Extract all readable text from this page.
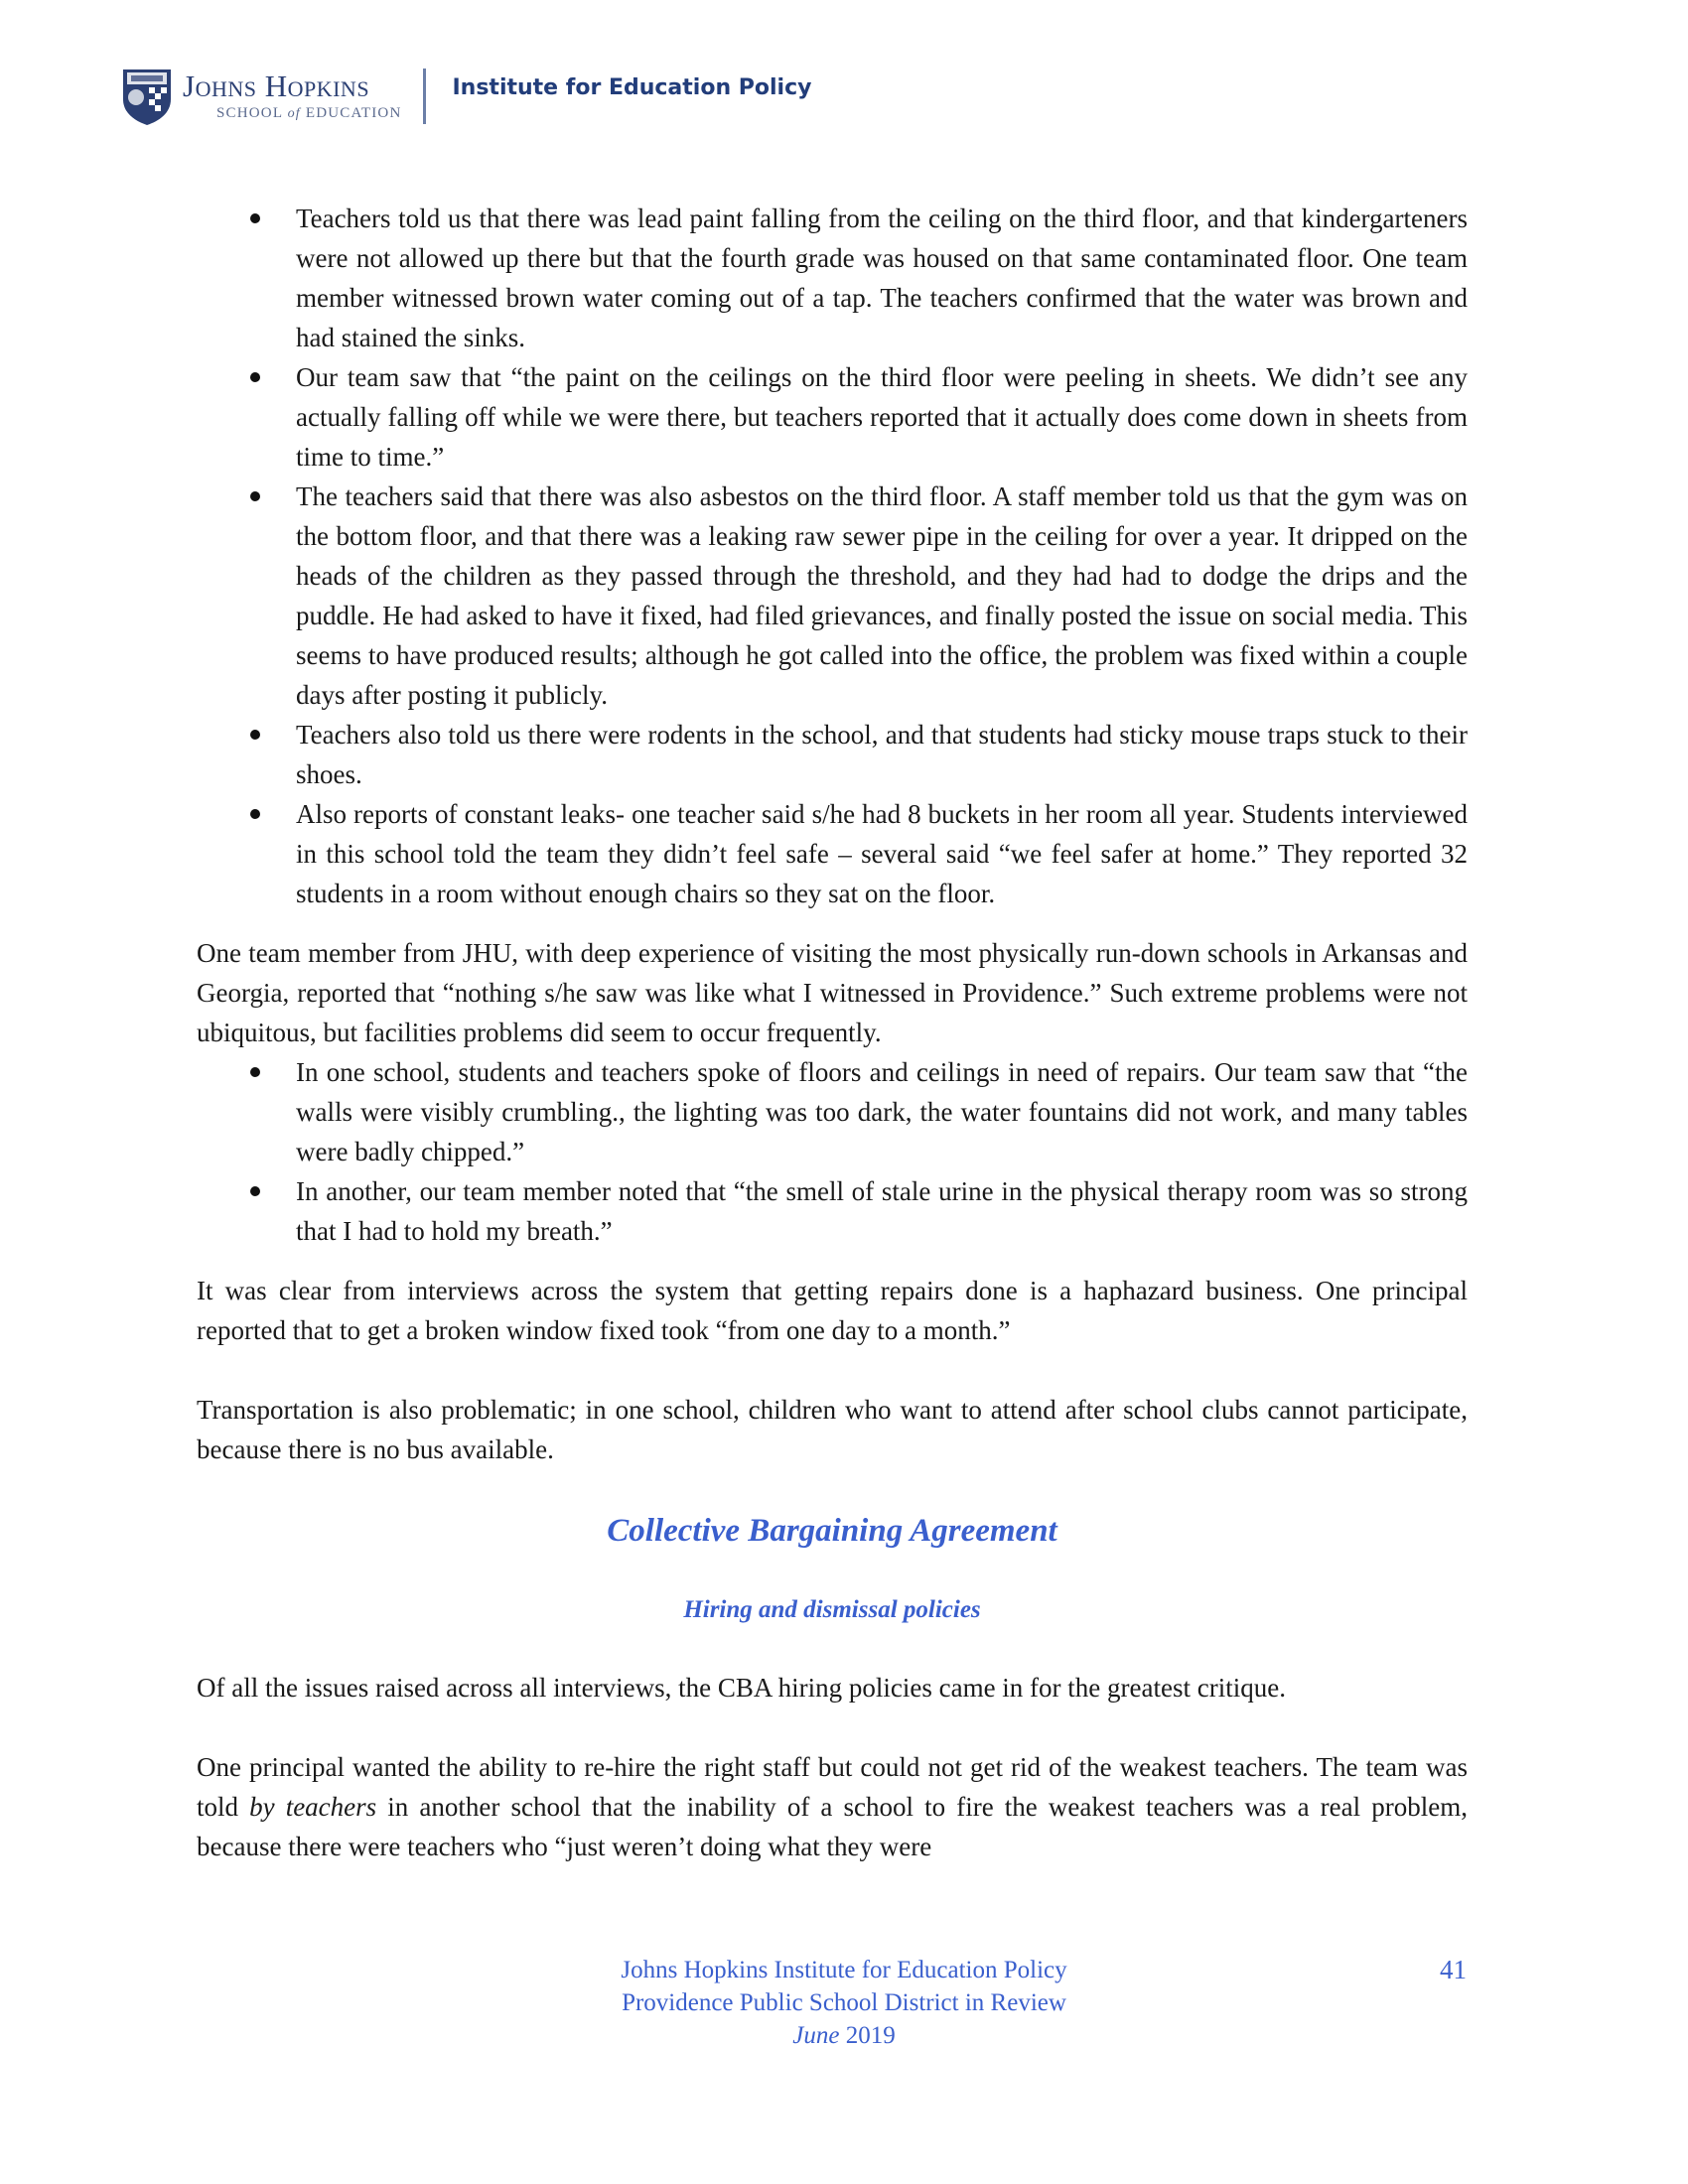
Johns Hopkins
SCHOOL of EDUCATION
Institute for Education Policy
Teachers told us that there was lead paint falling from the ceiling on the third floor, and that kindergarteners were not allowed up there but that the fourth grade was housed on that same contaminated floor. One team member witnessed brown water coming out of a tap. The teachers confirmed that the water was brown and had stained the sinks.
Our team saw that “the paint on the ceilings on the third floor were peeling in sheets. We didn’t see any actually falling off while we were there, but teachers reported that it actually does come down in sheets from time to time.”
The teachers said that there was also asbestos on the third floor. A staff member told us that the gym was on the bottom floor, and that there was a leaking raw sewer pipe in the ceiling for over a year. It dripped on the heads of the children as they passed through the threshold, and they had had to dodge the drips and the puddle. He had asked to have it fixed, had filed grievances, and finally posted the issue on social media. This seems to have produced results; although he got called into the office, the problem was fixed within a couple days after posting it publicly.
Teachers also told us there were rodents in the school, and that students had sticky mouse traps stuck to their shoes.
Also reports of constant leaks- one teacher said s/he had 8 buckets in her room all year. Students interviewed in this school told the team they didn’t feel safe – several said “we feel safer at home.” They reported 32 students in a room without enough chairs so they sat on the floor.

One team member from JHU, with deep experience of visiting the most physically run-down schools in Arkansas and Georgia, reported that “nothing s/he saw was like what I witnessed in Providence.” Such extreme problems were not ubiquitous, but facilities problems did seem to occur frequently.

In one school, students and teachers spoke of floors and ceilings in need of repairs. Our team saw that “the walls were visibly crumbling., the lighting was too dark, the water fountains did not work, and many tables were badly chipped.”
In another, our team member noted that “the smell of stale urine in the physical therapy room was so strong that I had to hold my breath.”

It was clear from interviews across the system that getting repairs done is a haphazard business. One principal reported that to get a broken window fixed took “from one day to a month.”

Transportation is also problematic; in one school, children who want to attend after school clubs cannot participate, because there is no bus available.

Collective Bargaining Agreement
Hiring and dismissal policies

Of all the issues raised across all interviews, the CBA hiring policies came in for the greatest critique.

One principal wanted the ability to re-hire the right staff but could not get rid of the weakest teachers. The team was told by teachers in another school that the inability of a school to fire the weakest teachers was a real problem, because there were teachers who “just weren’t doing what they were

Johns Hopkins Institute for Education Policy
Providence Public School District in Review
June 2019
41
